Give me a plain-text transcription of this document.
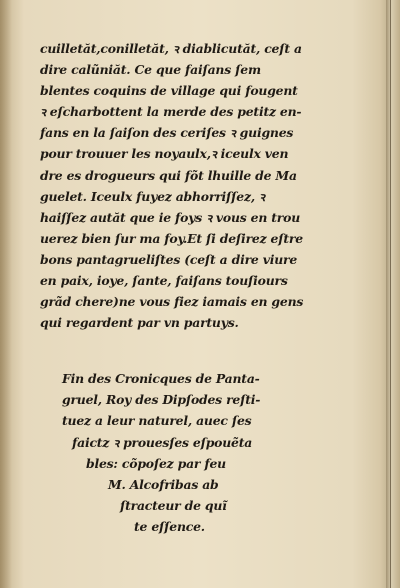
cuilletăt,conilletăt, ꝛ diablicutăt, ceſt a
dire calũniăt. Ce que faiſans ſem
blentes coquins de village qui fougent
ꝛ eſcharbottent la merde des petitz en-
fans en la ſaiſon des ceriſes ꝛ guignes
pour trouuer les noyaulx,ꝛ iceulx ven
dre es drogueurs qui fõt lhuille de Ma
guelet. Iceulx fuyez abhorriſſez, ꝛ
haiſſez autăt que ie foys ꝛ vous en trou
uerez bien ſur ma foy.Et ſi deſirez eſtre
bons pantagrueliſtes (ceſt a dire viure
en paix, ioye, ſante, faiſans touſiours
grãd chere)ne vous fiez iamais en gens
qui regardent par vn partuys.
Fin des Cronicques de Panta-
gruel, Roy des Dipſodes reſti-
tuez a leur naturel, auec ſes
faictz ꝛ prouesſes eſpouẽta
bles: cõpoſez par feu
M. Alcofribas ab
ſtracteur de quĩ
te eſſence.
